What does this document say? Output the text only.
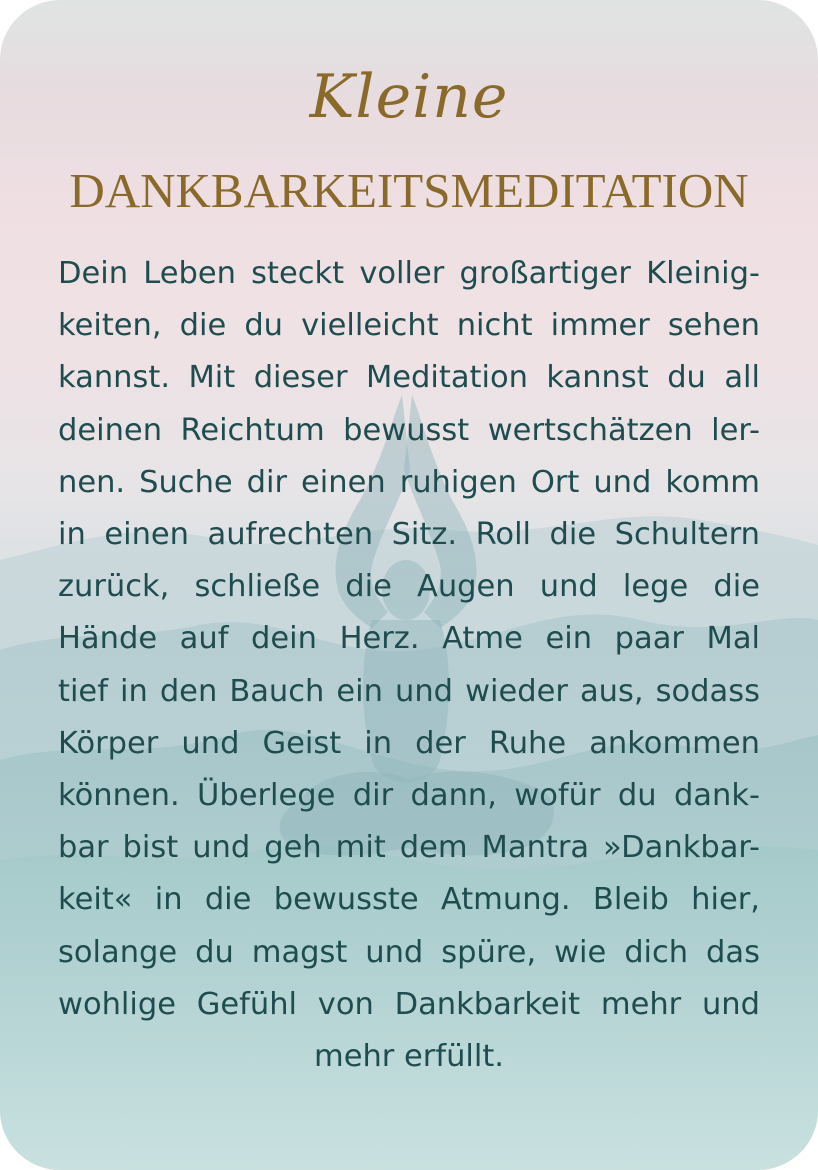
Kleine
DANKBARKEITSMEDITATION
Dein Leben steckt voller großartiger Kleinig-
keiten, die du vielleicht nicht immer sehen
kannst. Mit dieser Meditation kannst du all
deinen Reichtum bewusst wertschätzen ler-
nen. Suche dir einen ruhigen Ort und komm
in einen aufrechten Sitz. Roll die Schultern
zurück, schließe die Augen und lege die
Hände auf dein Herz. Atme ein paar Mal
tief in den Bauch ein und wieder aus, sodass
Körper und Geist in der Ruhe ankommen
können. Überlege dir dann, wofür du dank-
bar bist und geh mit dem Mantra »Dankbar-
keit« in die bewusste Atmung. Bleib hier,
solange du magst und spüre, wie dich das
wohlige Gefühl von Dankbarkeit mehr und
mehr erfüllt.
